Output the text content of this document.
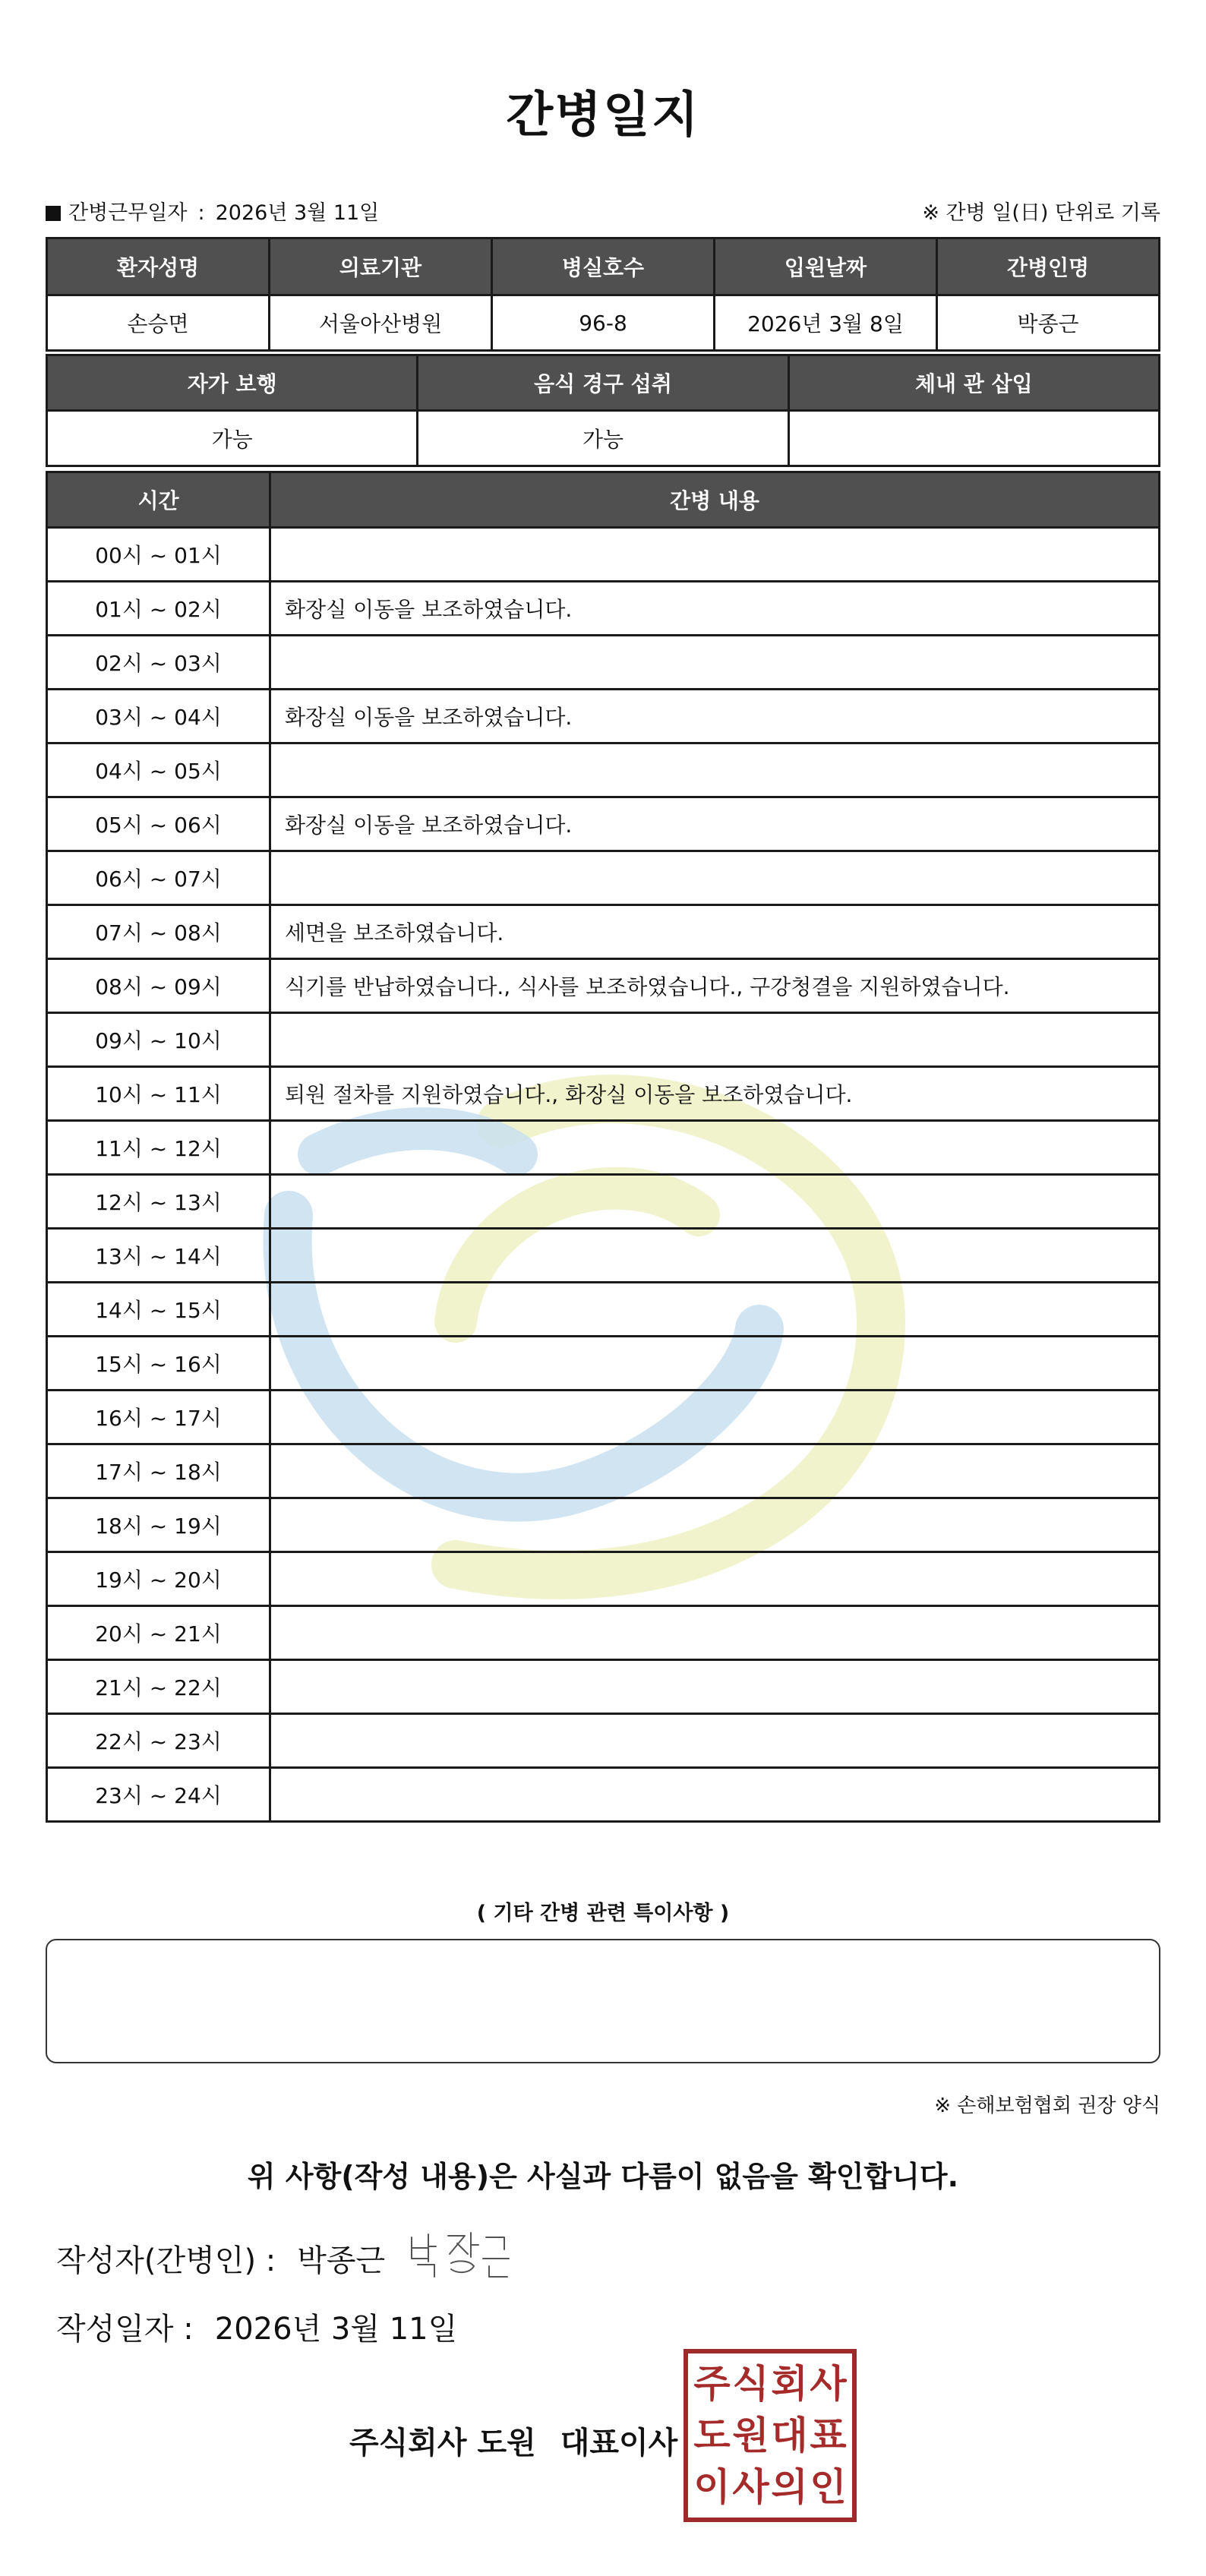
간병일지
간병근무일자 : 2026년 3월 11일	※ 간병 일(日) 단위로 기록
환자성명	의료기관	병실호수	입원날짜	간병인명
손승면	서울아산병원	96-8	2026년 3월 8일	박종근
자가 보행	음식 경구 섭취	체내 관 삽입
가능	가능	
시간	간병 내용
00시 ~ 01시	
01시 ~ 02시	화장실 이동을 보조하였습니다.
02시 ~ 03시	
03시 ~ 04시	화장실 이동을 보조하였습니다.
04시 ~ 05시	
05시 ~ 06시	화장실 이동을 보조하였습니다.
06시 ~ 07시	
07시 ~ 08시	세면을 보조하였습니다.
08시 ~ 09시	식기를 반납하였습니다., 식사를 보조하였습니다., 구강청결을 지원하였습니다.
09시 ~ 10시	
10시 ~ 11시	퇴원 절차를 지원하였습니다., 화장실 이동을 보조하였습니다.
11시 ~ 12시	
12시 ~ 13시	
13시 ~ 14시	
14시 ~ 15시	
15시 ~ 16시	
16시 ~ 17시	
17시 ~ 18시	
18시 ~ 19시	
19시 ~ 20시	
20시 ~ 21시	
21시 ~ 22시	
22시 ~ 23시	
23시 ~ 24시	
( 기타 간병 관련 특이사항 )
※ 손해보험협회 권장 양식
위 사항(작성 내용)은 사실과 다름이 없음을 확인합니다.
작성자(간병인) : 박종근
작성일자 : 2026년 3월 11일
주식회사 도원 대표이사
주 식 회 사
도 원 대 표
이 사 의 인
